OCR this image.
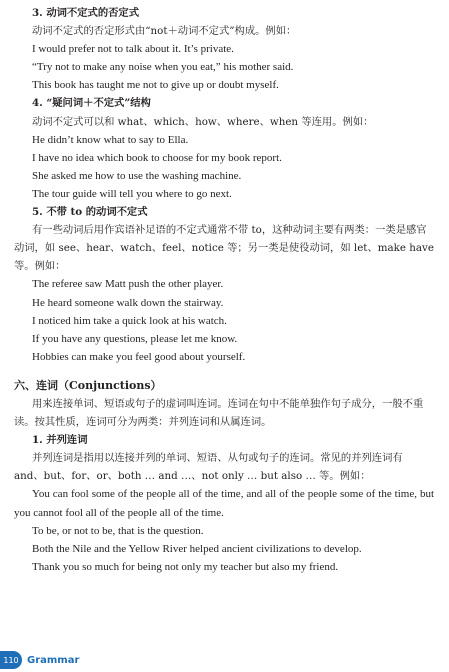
3. 动词不定式的否定式
动词不定式的否定形式由“not＋动词不定式”构成。例如：
I would prefer not to talk about it. It’s private.
“Try not to make any noise when you eat,” his mother said.
This book has taught me not to give up or doubt myself.
4. “疑问词＋不定式”结构
动词不定式可以和 what、which、how、where、when 等连用。例如：
He didn’t know what to say to Ella.
I have no idea which book to choose for my book report.
She asked me how to use the washing machine.
The tour guide will tell you where to go next.
5. 不带 to 的动词不定式
有一些动词后用作宾语补足语的不定式通常不带 to，这种动词主要有两类：一类是感官动词，如 see、hear、watch、feel、notice 等；另一类是使役动词，如 let、make have 等。例如：
The referee saw Matt push the other player.
He heard someone walk down the stairway.
I noticed him take a quick look at his watch.
If you have any questions, please let me know.
Hobbies can make you feel good about yourself.
六、连词（Conjunctions）
用来连接单词、短语或句子的虚词叫连词。连词在句中不能单独作句子成分，一般不重读。按其性质，连词可分为两类：并列连词和从属连词。
1. 并列连词
并列连词是指用以连接并列的单词、短语、从句或句子的连词。常见的并列连词有 and、but、for、or、both … and …、not only … but also … 等。例如：
You can fool some of the people all of the time, and all of the people some of the time, but you cannot fool all of the people all of the time.
To be, or not to be, that is the question.
Both the Nile and the Yellow River helped ancient civilizations to develop.
Thank you so much for being not only my teacher but also my friend.
110 Grammar
